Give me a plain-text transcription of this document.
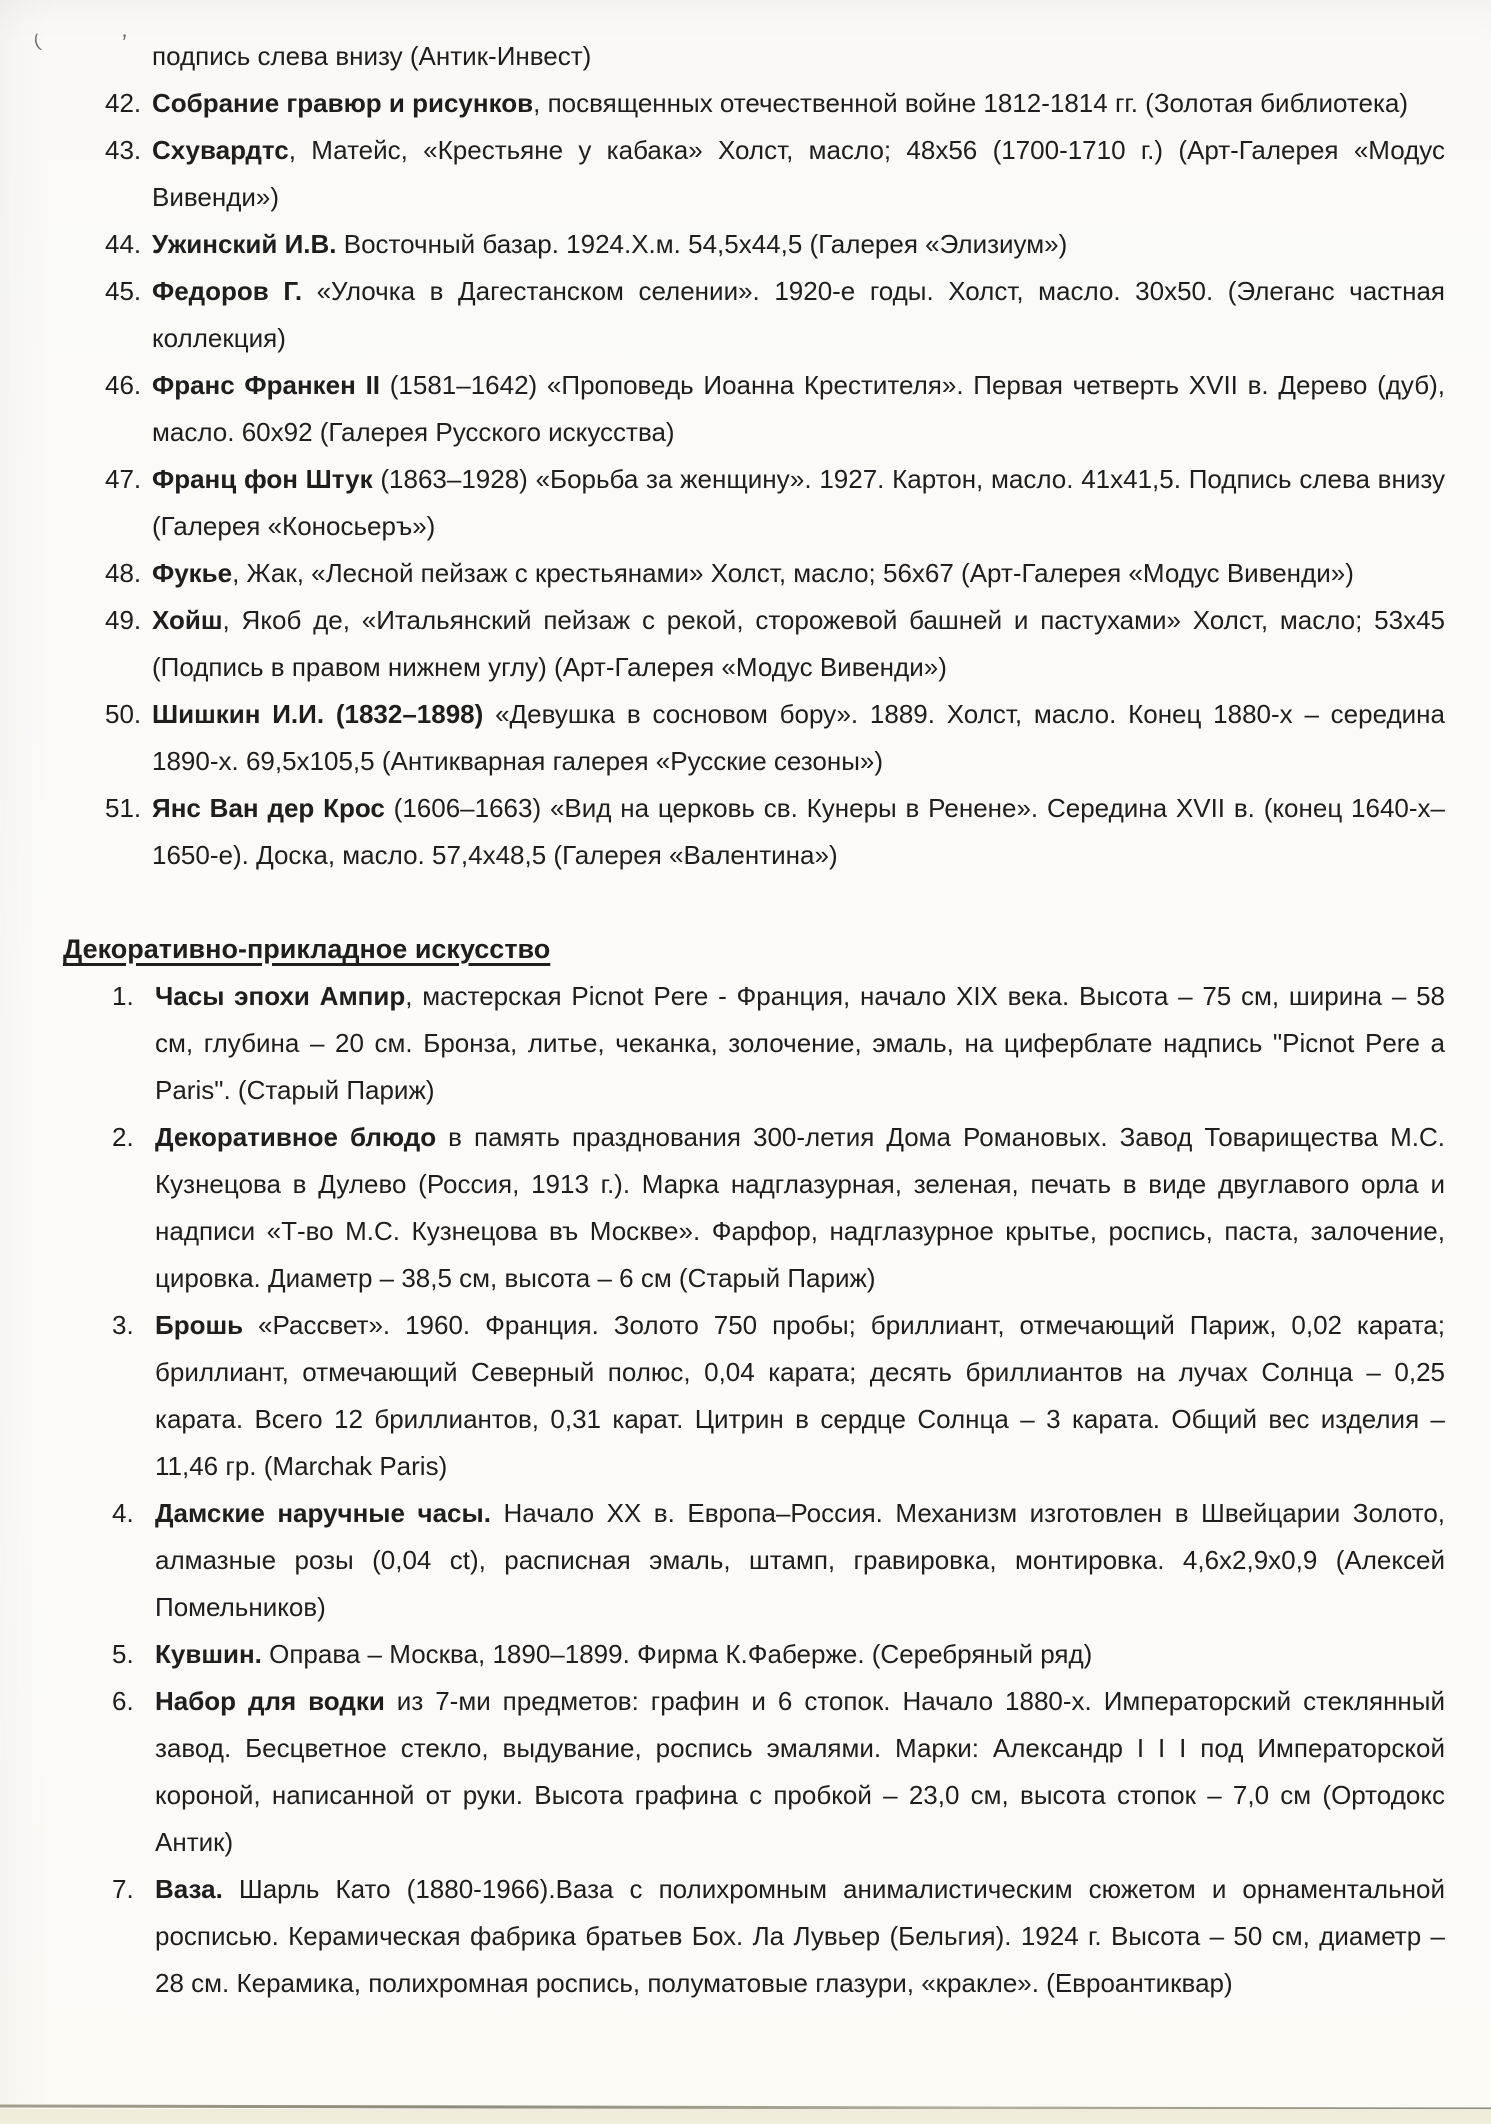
(	’ подпись слева внизу (Антик-Инвест)
42. Собрание гравюр и рисунков, посвященных отечественной войне 1812-1814 гг. (Золотая библиотека)
43. Схувардтс, Матейс, «Крестьяне у кабака» Холст, масло; 48х56 (1700-1710 г.) (Арт-Галерея «Модус Вивенди»)
44. Ужинский И.В. Восточный базар. 1924.Х.м. 54,5х44,5 (Галерея «Элизиум»)
45. Федоров Г. «Улочка в Дагестанском селении». 1920-е годы. Холст, масло. 30х50. (Элеганс частная коллекция)
46. Франс Франкен II (1581–1642) «Проповедь Иоанна Крестителя». Первая четверть XVII в. Дерево (дуб), масло. 60х92 (Галерея Русского искусства)
47. Франц фон Штук (1863–1928) «Борьба за женщину». 1927. Картон, масло. 41х41,5. Подпись слева внизу (Галерея «Коносьеръ»)
48. Фукье, Жак, «Лесной пейзаж с крестьянами» Холст, масло; 56х67 (Арт-Галерея «Модус Вивенди»)
49. Хойш, Якоб де, «Итальянский пейзаж с рекой, сторожевой башней и пастухами» Холст, масло; 53х45 (Подпись в правом нижнем углу) (Арт-Галерея «Модус Вивенди»)
50. Шишкин И.И. (1832–1898) «Девушка в сосновом бору». 1889. Холст, масло. Конец 1880-х – середина 1890-х. 69,5х105,5 (Антикварная галерея «Русские сезоны»)
51. Янс Ван дер Крос (1606–1663) «Вид на церковь св. Кунеры в Ренене». Середина XVII в. (конец 1640-х– 1650-е). Доска, масло. 57,4х48,5 (Галерея «Валентина»)
Декоративно-прикладное искусство
1. Часы эпохи Ампир, мастерская Picnot Pere - Франция, начало XIX века. Высота – 75 см, ширина – 58 см, глубина – 20 см. Бронза, литье, чеканка, золочение, эмаль, на циферблате надпись "Picnot Pere a Paris". (Старый Париж)
2. Декоративное блюдо в память празднования 300-летия Дома Романовых. Завод Товарищества М.С. Кузнецова в Дулево (Россия, 1913 г.). Марка надглазурная, зеленая, печать в виде двуглавого орла и надписи «Т-во М.С. Кузнецова въ Москве». Фарфор, надглазурное крытье, роспись, паста, залочение, цировка. Диаметр – 38,5 см, высота – 6 см (Старый Париж)
3. Брошь «Рассвет». 1960. Франция. Золото 750 пробы; бриллиант, отмечающий Париж, 0,02 карата; бриллиант, отмечающий Северный полюс, 0,04 карата; десять бриллиантов на лучах Солнца – 0,25 карата. Всего 12 бриллиантов, 0,31 карат. Цитрин в сердце Солнца – 3 карата. Общий вес изделия – 11,46 гр. (Marchak Paris)
4. Дамские наручные часы. Начало XX в. Европа–Россия. Механизм изготовлен в Швейцарии Золото, алмазные розы (0,04 ct), расписная эмаль, штамп, гравировка, монтировка. 4,6х2,9х0,9 (Алексей Помельников)
5. Кувшин. Оправа – Москва, 1890–1899. Фирма К.Фаберже. (Серебряный ряд)
6. Набор для водки из 7-ми предметов: графин и 6 стопок. Начало 1880-х. Императорский стеклянный завод. Бесцветное стекло, выдувание, роспись эмалями. Марки: Александр I I I под Императорской короной, написанной от руки. Высота графина с пробкой – 23,0 см, высота стопок – 7,0 см (Ортодокс Антик)
7. Ваза. Шарль Като (1880-1966).Ваза с полихромным анималистическим сюжетом и орнаментальной росписью. Керамическая фабрика братьев Бох. Ла Лувьер (Бельгия). 1924 г. Высота – 50 см, диаметр – 28 см. Керамика, полихромная роспись, полуматовые глазури, «кракле». (Евроантиквар)
